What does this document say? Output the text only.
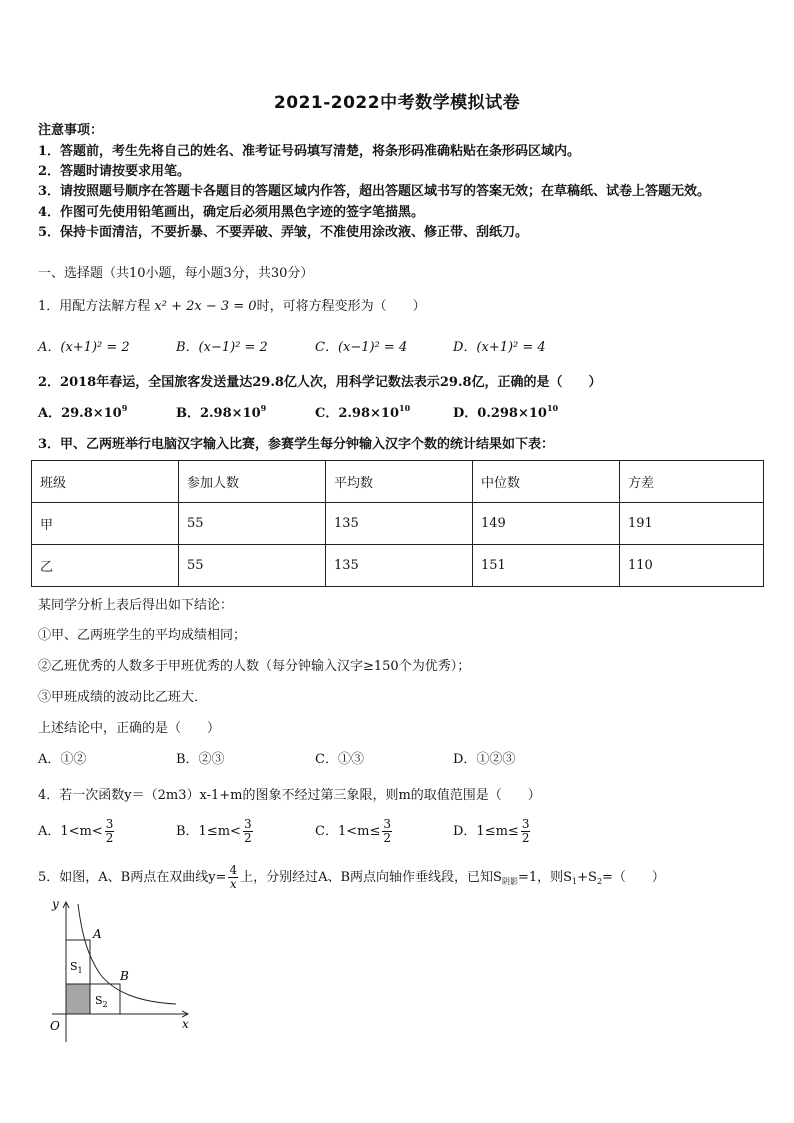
2021-2022中考数学模拟试卷
注意事项：
1．答题前，考生先将自己的姓名、准考证号码填写清楚，将条形码准确粘贴在条形码区域内。
2．答题时请按要求用笔。
3．请按照题号顺序在答题卡各题目的答题区域内作答，超出答题区域书写的答案无效；在草稿纸、试卷上答题无效。
4．作图可先使用铅笔画出，确定后必须用黑色字迹的签字笔描黑。
5．保持卡面清洁，不要折暴、不要弄破、弄皱，不准使用涂改液、修正带、刮纸刀。
一、选择题（共10小题，每小题3分，共30分）
1．用配方法解方程 x² + 2x − 3 = 0时，可将方程变形为（　　）
A．(x+1)² = 2	B．(x−1)² = 2	C．(x−1)² = 4	D．(x+1)² = 4
2．2018年春运，全国旅客发送量达29.8亿人次，用科学记数法表示29.8亿，正确的是（　　）
A．$29.8\times 10^9$	B．$2.98\times 10^9$	C．$2.98\times 10^{10}$	D．$0.298\times 10^{10}$
3．甲、乙两班举行电脑汉字输入比赛，参赛学生每分钟输入汉字个数的统计结果如下表：
班级	参加人数	平均数	中位数	方差
甲	55	135	149	191
乙	55	135	151	110
某同学分析上表后得出如下结论：
①甲、乙两班学生的平均成绩相同；
②乙班优秀的人数多于甲班优秀的人数（每分钟输入汉字≥150个为优秀）；
③甲班成绩的波动比乙班大．
上述结论中，正确的是（　　）
A．①②	B．②③	C．①③	D．①②③
4．若一次函数y＝（2m3）x-1+m的图象不经过第三象限，则m的取值范围是（　　）
A．$1<m< \frac{3}{2}$	B．$1\le m< \frac{3}{2}$	C．$1<m\le \frac{3}{2}$	D．$1\le m\le \frac{3}{2}$
5．如图，A、B两点在双曲线$y= \frac{4}{x}$ 上，分别经过A、B两点向轴作垂线段，已知$S_{阴影}=1$，则$S_1+S_2=$（　　）
y
x
O
A
B
$S_1$
$S_2$
